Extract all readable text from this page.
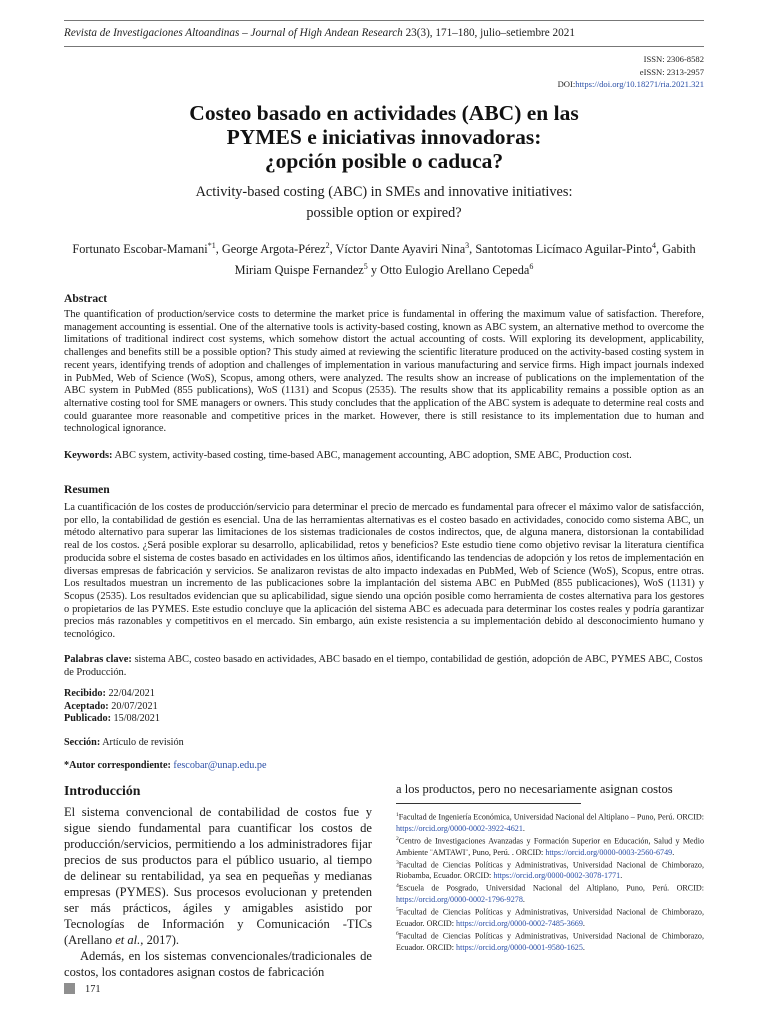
Revista de Investigaciones Altoandinas – Journal of High Andean Research 23(3), 171–180, julio–setiembre 2021
ISSN: 2306-8582
eISSN: 2313-2957
DOI:https://doi.org/10.18271/ria.2021.321
Costeo basado en actividades (ABC) en las
PYMES e iniciativas innovadoras:
¿opción posible o caduca?
Activity-based costing (ABC) in SMEs and innovative initiatives:
possible option or expired?
Fortunato Escobar-Mamani$^{*1}$, George Argota-Pérez$^2$, Víctor Dante Ayaviri Nina$^3$, Santotomas Licímaco Aguilar-Pinto$^4$, Gabith Miriam Quispe Fernandez$^5$ y Otto Eulogio Arellano Cepeda$^6$
Abstract
The quantification of production/service costs to determine the market price is fundamental in offering the maximum value of satisfaction. Therefore, management accounting is essential. One of the alternative tools is activity-based costing, known as ABC system, an alternative method to overcome the limitations of traditional indirect cost systems, which somehow distort the actual accounting of costs. Will exploring its development, applicability, challenges and benefits still be a possible option? This study aimed at reviewing the scientific literature produced on the activity-based costing system in recent years, identifying trends of adoption and challenges of implementation in various manufacturing and service firms. High impact journals indexed in PubMed, Web of Science (WoS), Scopus, among others, were analyzed. The results show an increase of publications on the implementation of the ABC system in PubMed (855 publications), WoS (1131) and Scopus (2535). The results show that its applicability remains a possible option as an alternative costing tool for SME managers or owners. This study concludes that the application of the ABC system is adequate to determine real costs and could guarantee more reasonable and competitive prices in the market. However, there is still resistance to its implementation due to human and technological ignorance.
Keywords: ABC system, activity-based costing, time-based ABC, management accounting, ABC adoption, SME ABC, Production cost.
Resumen
La cuantificación de los costes de producción/servicio para determinar el precio de mercado es fundamental para ofrecer el máximo valor de satisfacción, por ello, la contabilidad de gestión es esencial. Una de las herramientas alternativas es el costeo basado en actividades, conocido como sistema ABC, un método alternativo para superar las limitaciones de los sistemas tradicionales de costos indirectos, que, de alguna manera, distorsionan la contabilidad real de los costos. ¿Será posible explorar su desarrollo, aplicabilidad, retos y beneficios? Este estudio tiene como objetivo revisar la literatura científica producida sobre el sistema de costes basado en actividades en los últimos años, identificando las tendencias de adopción y los retos de implementación en diversas empresas de fabricación y servicios. Se analizaron revistas de alto impacto indexadas en PubMed, Web of Science (WoS), Scopus, entre otras. Los resultados muestran un incremento de las publicaciones sobre la implantación del sistema ABC en PubMed (855 publicaciones), WoS (1131) y Scopus (2535). Los resultados evidencian que su aplicabilidad, sigue siendo una opción posible como herramienta de costes alternativa para los gestores o propietarios de las PYMES. Este estudio concluye que la aplicación del sistema ABC es adecuada para determinar los costes reales y podría garantizar precios más razonables y competitivos en el mercado. Sin embargo, aún existe resistencia a su implementación debido al desconocimiento humano y tecnológico.
Palabras clave: sistema ABC, costeo basado en actividades, ABC basado en el tiempo, contabilidad de gestión, adopción de ABC, PYMES ABC, Costos de Producción.
Recibido: 22/04/2021
Aceptado: 20/07/2021
Publicado: 15/08/2021
Sección: Artículo de revisión
*Autor correspondiente: fescobar@unap.edu.pe
Introducción
El sistema convencional de contabilidad de costos fue y sigue siendo fundamental para cuantificar los costos de producción/servicios, permitiendo a los administradores fijar precios de sus productos para el público usuario, al tiempo de delinear su rentabilidad, ya sea en pequeñas y medianas empresas (PYMES). Sus procesos evolucionan y pretenden ser más prácticos, ágiles y amigables asistido por Tecnologías de Información y Comunicación -TICs (Arellano et al., 2017).
Además, en los sistemas convencionales/tradicionales de costos, los contadores asignan costos de fabricación
a los productos, pero no necesariamente asignan costos
$^1$Facultad de Ingeniería Económica, Universidad Nacional del Altiplano – Puno, Perú. ORCID: https://orcid.org/0000-0002-3922-4621.
$^2$Centro de Investigaciones Avanzadas y Formación Superior en Educación, Salud y Medio Ambiente ¨AMTAWI¨, Puno, Perú. . ORCID: https://orcid.org/0000-0003-2560-6749.
$^3$Facultad de Ciencias Políticas y Administrativas, Universidad Nacional de Chimborazo, Riobamba, Ecuador. ORCID: https://orcid.org/0000-0002-3078-1771.
$^4$Escuela de Posgrado, Universidad Nacional del Altiplano, Puno, Perú. ORCID: https://orcid.org/0000-0002-1796-9278.
$^5$Facultad de Ciencias Políticas y Administrativas, Universidad Nacional de Chimborazo, Ecuador. ORCID: https://orcid.org/0000-0002-7485-3669.
$^6$Facultad de Ciencias Políticas y Administrativas, Universidad Nacional de Chimborazo, Ecuador. ORCID: https://orcid.org/0000-0001-9580-1625.
171
